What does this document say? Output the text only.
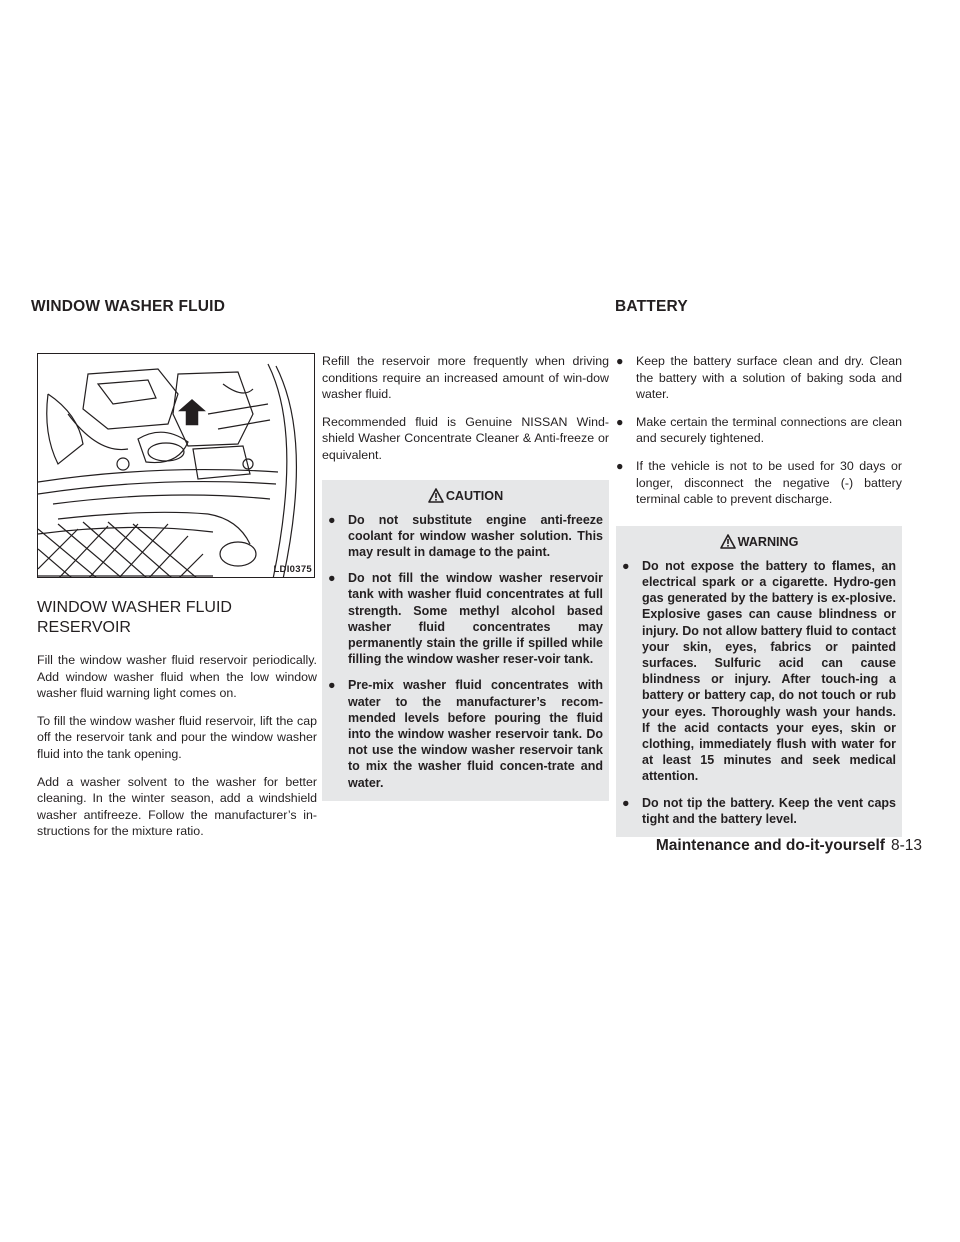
WINDOW WASHER FLUID	BATTERY
LDI0375
WINDOW WASHER FLUID
RESERVOIR

Fill the window washer fluid reservoir periodically. Add window washer fluid when the low window washer fluid warning light comes on.

To fill the window washer fluid reservoir, lift the cap off the reservoir tank and pour the window washer fluid into the tank opening.

Add a washer solvent to the washer for better cleaning. In the winter season, add a windshield washer antifreeze. Follow the manufacturer’s in-structions for the mixture ratio.

Refill the reservoir more frequently when driving conditions require an increased amount of win-dow washer fluid.

Recommended fluid is Genuine NISSAN Wind-shield Washer Concentrate Cleaner & Anti-freeze or equivalent.

CAUTION
● Do not substitute engine anti-freeze coolant for window washer solution. This may result in damage to the paint.
● Do not fill the window washer reservoir tank with washer fluid concentrates at full strength. Some methyl alcohol based washer fluid concentrates may permanently stain the grille if spilled while filling the window washer reser-voir tank.
● Pre-mix washer fluid concentrates with water to the manufacturer’s recom-mended levels before pouring the fluid into the window washer reservoir tank. Do not use the window washer reservoir tank to mix the washer fluid concen-trate and water.
● Keep the battery surface clean and dry. Clean the battery with a solution of baking soda and water.
● Make certain the terminal connections are clean and securely tightened.
● If the vehicle is not to be used for 30 days or longer, disconnect the negative (-) battery terminal cable to prevent discharge.
WARNING
● Do not expose the battery to flames, an electrical spark or a cigarette. Hydro-gen gas generated by the battery is ex-plosive. Explosive gases can cause blindness or injury. Do not allow battery fluid to contact your skin, eyes, fabrics or painted surfaces. Sulfuric acid can cause blindness or injury. After touch-ing a battery or battery cap, do not touch or rub your eyes. Thoroughly wash your hands. If the acid contacts your eyes, skin or clothing, immediately flush with water for at least 15 minutes and seek medical attention.
● Do not tip the battery. Keep the vent caps tight and the battery level.
Maintenance and do-it-yourself 8-13
